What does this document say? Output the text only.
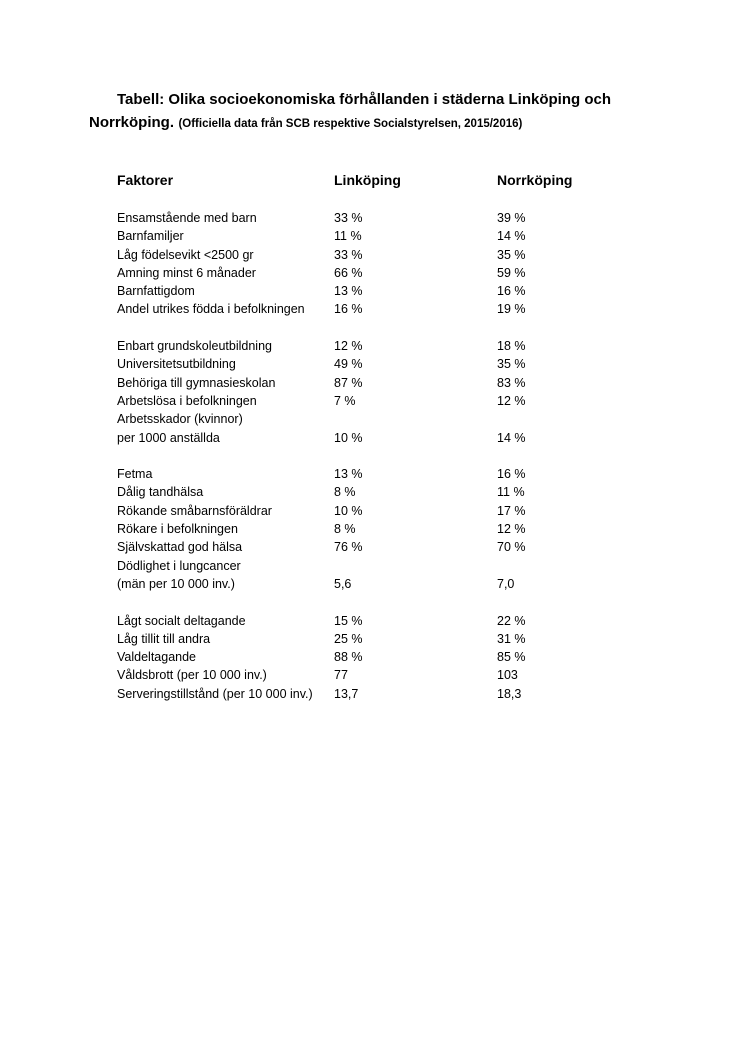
Tabell: Olika socioekonomiska förhållanden i städerna Linköping och
Norrköping. (Officiella data från SCB respektive Socialstyrelsen, 2015/2016)
Faktorer	Linköping	Norrköping
Ensamstående med barn	33 %	39 %
Barnfamiljer	11 %	14 %
Låg födelsevikt <2500 gr	33 %	35 %
Amning minst 6 månader	66 %	59 %
Barnfattigdom	13 %	16 %
Andel utrikes födda i befolkningen 16 %	19 %
Enbart grundskoleutbildning	12 %	18 %
Universitetsutbildning	49 %	35 %
Behöriga till gymnasieskolan	87 %	83 %
Arbetslösa i befolkningen	7 %	12 %
Arbetsskador (kvinnor)
per 1000 anställda	10 %	14 %
Fetma	13 %	16 %
Dålig tandhälsa	8 %	11 %
Rökande småbarnsföräldrar	10 %	17 %
Rökare i befolkningen	8 %	12 %
Självskattad god hälsa	76 %	70 %
Dödlighet i lungcancer
(män per 10 000 inv.)	5,6	7,0
Lågt socialt deltagande	15 %	22 %
Låg tillit till andra	25 %	31 %
Valdeltagande	88 %	85 %
Våldsbrott (per 10 000 inv.)	77	103
Serveringstillstånd (per 10 000 inv.) 13,7	18,3
